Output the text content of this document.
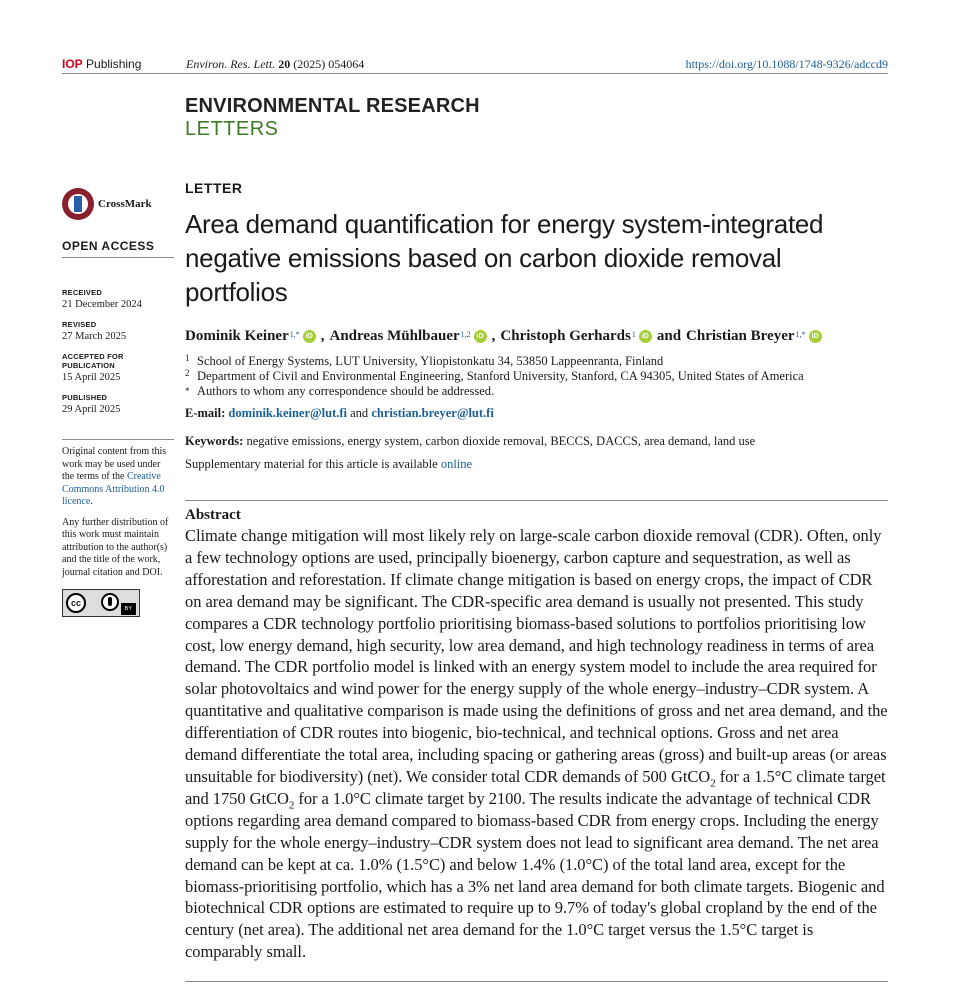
IOP Publishing	Environ. Res. Lett. 20 (2025) 054064	https://doi.org/10.1088/1748-9326/adccd9
ENVIRONMENTAL RESEARCH
LETTERS
CrossMark
OPEN ACCESS
RECEIVED
21 December 2024
REVISED
27 March 2025
ACCEPTED FOR PUBLICATION
15 April 2025
PUBLISHED
29 April 2025

Original content from this work may be used under the terms of the Creative Commons Attribution 4.0 licence.

Any further distribution of this work must maintain attribution to the author(s) and the title of the work, journal citation and DOI.

cc
BY
LETTER
Area demand quantification for energy system-integrated negative emissions based on carbon dioxide removal portfolios
Dominik Keiner$^{1,*}$ iD , Andreas Mühlbauer$^{1,2}$ iD , Christoph Gerhards$^1$ iD and Christian Breyer$^{1,*}$ iD
1 School of Energy Systems, LUT University, Yliopistonkatu 34, 53850 Lappeenranta, Finland
2 Department of Civil and Environmental Engineering, Stanford University, Stanford, CA 94305, United States of America
* Authors to whom any correspondence should be addressed.
E-mail: dominik.keiner@lut.fi and christian.breyer@lut.fi
Keywords: negative emissions, energy system, carbon dioxide removal, BECCS, DACCS, area demand, land use
Supplementary material for this article is available online
Abstract
Climate change mitigation will most likely rely on large-scale carbon dioxide removal (CDR). Often, only a few technology options are used, principally bioenergy, carbon capture and sequestration, as well as afforestation and reforestation. If climate change mitigation is based on energy crops, the impact of CDR on area demand may be significant. The CDR-specific area demand is usually not presented. This study compares a CDR technology portfolio prioritising biomass-based solutions to portfolios prioritising low cost, low energy demand, high security, low area demand, and high technology readiness in terms of area demand. The CDR portfolio model is linked with an energy system model to include the area required for solar photovoltaics and wind power for the energy supply of the whole energy–industry–CDR system. A quantitative and qualitative comparison is made using the definitions of gross and net area demand, and the differentiation of CDR routes into biogenic, bio-technical, and technical options. Gross and net area demand differentiate the total area, including spacing or gathering areas (gross) and built-up areas (or areas unsuitable for biodiversity) (net). We consider total CDR demands of 500 GtCO$_2$ for a 1.5°C climate target and 1750 GtCO$_2$ for a 1.0°C climate target by 2100. The results indicate the advantage of technical CDR options regarding area demand compared to biomass-based CDR from energy crops. Including the energy supply for the whole energy–industry–CDR system does not lead to significant area demand. The net area demand can be kept at ca. 1.0% (1.5°C) and below 1.4% (1.0°C) of the total land area, except for the biomass-prioritising portfolio, which has a 3% net land area demand for both climate targets. Biogenic and biotechnical CDR options are estimated to require up to 9.7% of today's global cropland by the end of the century (net area). The additional net area demand for the 1.0°C target versus the 1.5°C target is comparably small.
